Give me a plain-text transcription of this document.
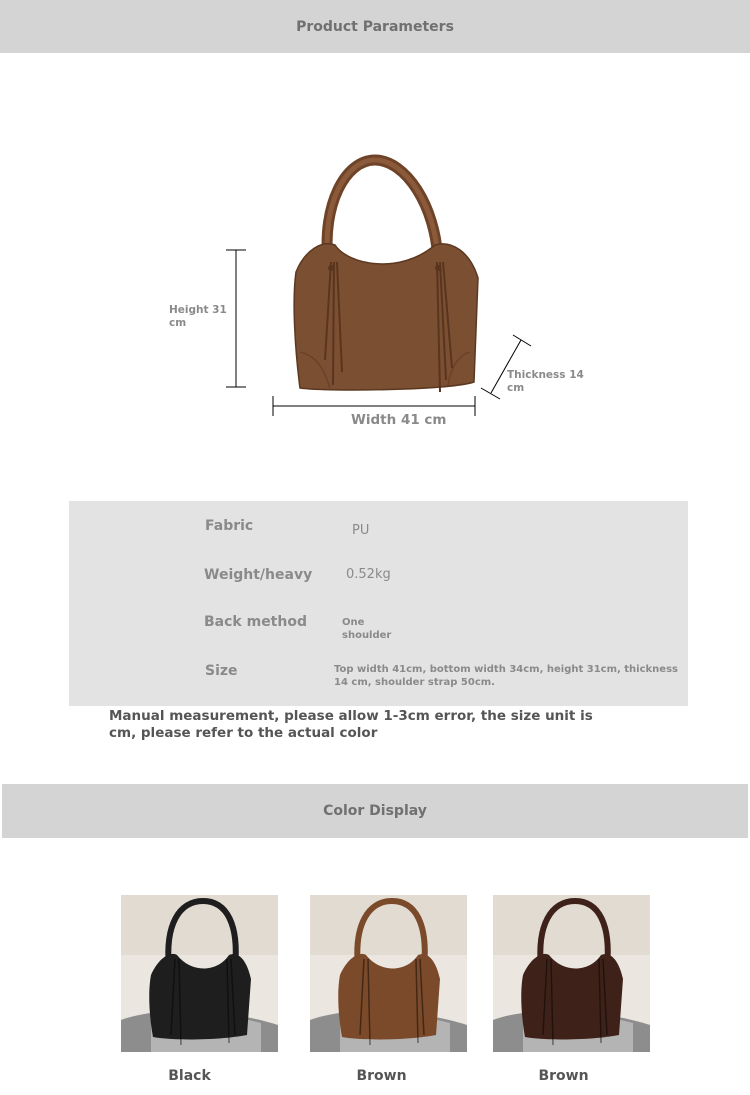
Product Parameters
Height 31 cm
Thickness 14 cm
Width 41 cm
Fabric	PU
Weight/heavy	0.52kg
Back method	One shoulder
Size	Top width 41cm, bottom width 34cm, height 31cm, thickness 14 cm, shoulder strap 50cm.
Manual measurement, please allow 1-3cm error, the size unit is cm, please refer to the actual color
Color Display
Black	Brown	Brown
